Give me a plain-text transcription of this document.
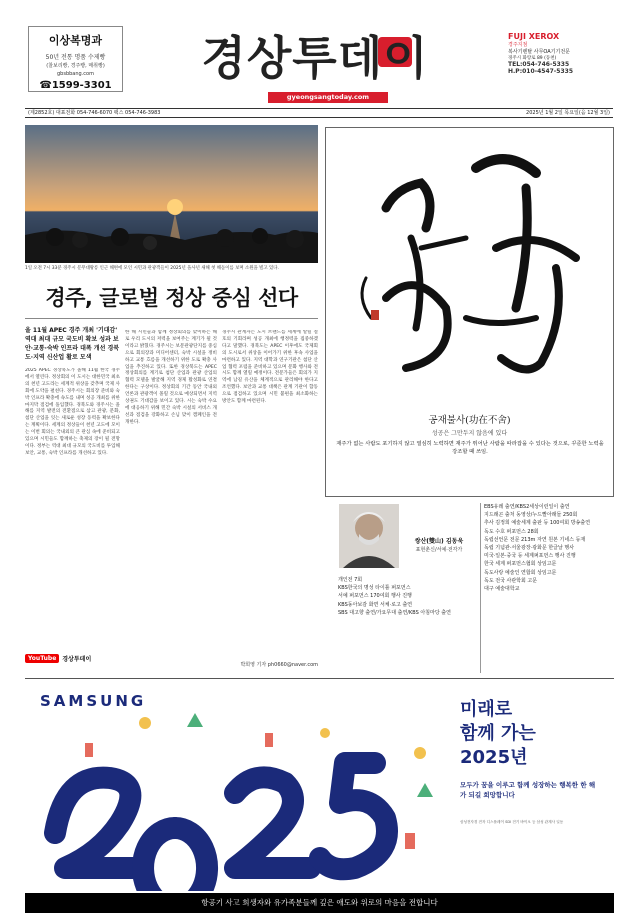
이상복명과
50년 전통 명품 수제빵
(찰보리빵, 경주빵, 매취빵)
gbsbbang.com
☎1599-3301
경상투데이
gyeongsangtoday.com
FUJI XEROX
경주지점
복사기렌탈 사무OA기기전문
경주시 화랑로 89 (동천)
TEL:054-746-5335
H.P:010-4547-5335
(제2852호) 대표전화 054-746-6070 팩스 054-746-3983	2025년 1월 2일 목요일(음 12월 3일)
1일 오전 7시 33분 경주시 문무대왕릉 인근 해변에 모인 시민과 관광객들이 2025년 을사년 새해 첫 해돋이를 보며 소원을 빌고 있다.
경주, 글로벌 정상 중심 선다
올 11월 APEC 경주 개최 '기대감' 역대 최대 규모 국도비 확보 성과 보안·교통·숙박 인프라 대폭 개선 경북도·지역 신산업 활로 모색
2025 APEC 경상북도가 올해 11월 한국 경주에서 열린다. 정상회의 이 도시는 대한민국 최초의 천년 고도라는 세계적 위상을 갖추며 국제 사회에 도약을 펼친다. 경주시는 회의장 준비와 숙박 인프라 확충에 속도를 내며 성공 개최를 위한 마지막 점검에 돌입했다. 경북도와 경주시는 올해를 지역 발전의 전환점으로 삼고 관광, 문화, 첨단 산업을 잇는 새로운 성장 동력을 확보한다는 계획이다. 세계의 정상들이 천년 고도에 모이는 이번 회의는 국내외의 큰 관심 속에 준비되고 있으며 시민들도 함께하는 축제의 장이 될 전망이다. 정부는 역대 최대 규모의 국도비를 투입해 보안, 교통, 숙박 인프라를 개선하고 있다.
한 해 시민들과 함께 정상회의를 맞이하는 해로 우리 도시의 저력을 보여주는 계기가 될 것이라고 밝혔다. 경주시는 보문관광단지를 중심으로 회의장과 미디어센터, 숙박 시설을 정비하고 교통 흐름을 개선하기 위한 도로 확충 사업을 추진하고 있다. 또한 경상북도는 APEC 정상회의를 계기로 첨단 산업과 관광 산업의 협력 모델을 발굴해 지역 경제 활성화로 연결한다는 구상이다. 정상회의 기간 동안 국내외 언론과 관광객이 몰릴 것으로 예상되면서 지역 상권도 기대감을 보이고 있다. 시는 숙박 수요에 대응하기 위해 민간 숙박 시설의 서비스 개선과 점검을 강화하고 손님 맞이 캠페인을 전개한다.
경주시 관계자는 도시 브랜드를 세계에 알릴 절호의 기회라며 성공 개최에 행정력을 집중하겠다고 말했다. 경북도는 APEC 이후에도 국제회의 도시로서 위상을 이어가기 위한 후속 사업을 마련하고 있다. 지역 대학과 연구기관은 첨단 산업 협력 포럼을 준비하고 있으며 문화 행사와 전시도 함께 열릴 예정이다. 전문가들은 회의가 지역에 남길 유산을 체계적으로 관리해야 한다고 조언했다. 보안과 교통 대책은 관계 기관이 합동으로 점검하고 있으며 시민 불편을 최소화하는 방안도 함께 마련된다.
박희영 기자 ph0660@naver.com
YouTube	경상투데이
공재불사(功在不舍)
성공은 그만두지 않음에 있다
재주가 없는 사람도 포기하지 않고 열심히 노력하면 재주가 뛰어난 사람을 따라잡을 수 있다는 것으로, 꾸준한 노력을 강조할 때 쓰임.
쌍산(雙山) 김동욱
표현춘신/서예·전각가
개인전 7회
KBS한국의 명성 타이틀 퍼포먼스
서예 퍼포먼스 170여회 행사 진행
KBS동아보감 화면 서체·로고 출연
SBS 대고향 출연/가요무대 출연/KBS 아침마당 출연
EBS유레 출연/KBS2세상이런일이 출연
지드래곤 출처 동영상/누드빨아래들 250회
추사 김정희 예술세계 출판 등 100여회 방송출연
독도 수호 퍼포먼스 28회
독립선언문 전문 213m 자연 원본 기네스 등재
독립 기념관·서울광장·광화문 한글날 행사
미국·일본·중국 등 세계퍼포먼스 행사 진행
한국 세계 퍼포먼스협회 상임고문
독도사랑 예술인 연합회 상임고문
독도 전국 사관학회 고문
대구 예술대학교
SAMSUNG	미래로
함께 가는
2025년
모두가 꿈을 이루고 함께 성장하는 행복한 한 해가 되길 희망합니다
삼성전자경 전자 디스플레이 SDI 전기 바이오 등 삼성 관계사 일동
항공기 사고 희생자와 유가족분들께 깊은 애도와 위로의 마음을 전합니다
